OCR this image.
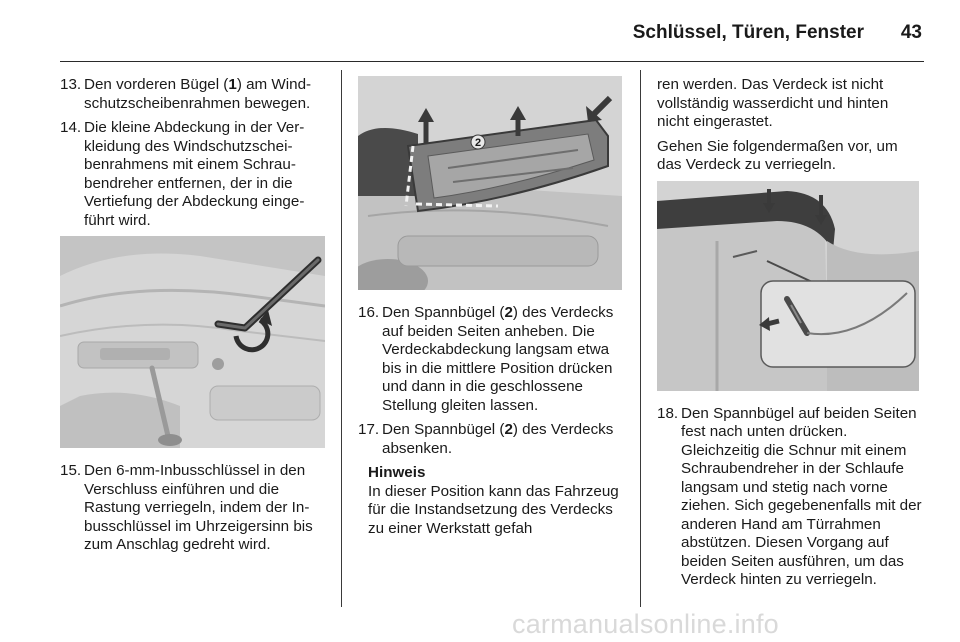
Schlüssel, Türen, Fenster 43
13. Den vorderen Bügel (1) am Windschutzscheibenrahmen bewegen.
14. Die kleine Abdeckung in der Verkleidung des Windschutzscheibenrahmens mit einem Schraubendreher entfernen, der in die Vertiefung der Abdeckung eingeführt wird.
15. Den 6-mm-Inbusschlüssel in den Verschluss einführen und die Rastung verriegeln, indem der Inbusschlüssel im Uhrzeigersinn bis zum Anschlag gedreht wird.
2
16. Den Spannbügel (2) des Verdecks auf beiden Seiten anheben. Die Verdeckabdeckung langsam etwa bis in die mittlere Position drücken und dann in die geschlossene Stellung gleiten lassen.
17. Den Spannbügel (2) des Verdecks absenken.
Hinweis
In dieser Position kann das Fahrzeug für die Instandsetzung des Verdecks zu einer Werkstatt gefah
ren werden. Das Verdeck ist nicht vollständig wasserdicht und hinten nicht eingerastet.
Gehen Sie folgendermaßen vor, um das Verdeck zu verriegeln.
18. Den Spannbügel auf beiden Seiten fest nach unten drücken. Gleichzeitig die Schnur mit einem Schraubendreher in der Schlaufe langsam und stetig nach vorne ziehen. Sich gegebenenfalls mit der anderen Hand am Türrahmen abstützen. Diesen Vorgang auf beiden Seiten ausführen, um das Verdeck hinten zu verriegeln.
carmanualsonline.info
